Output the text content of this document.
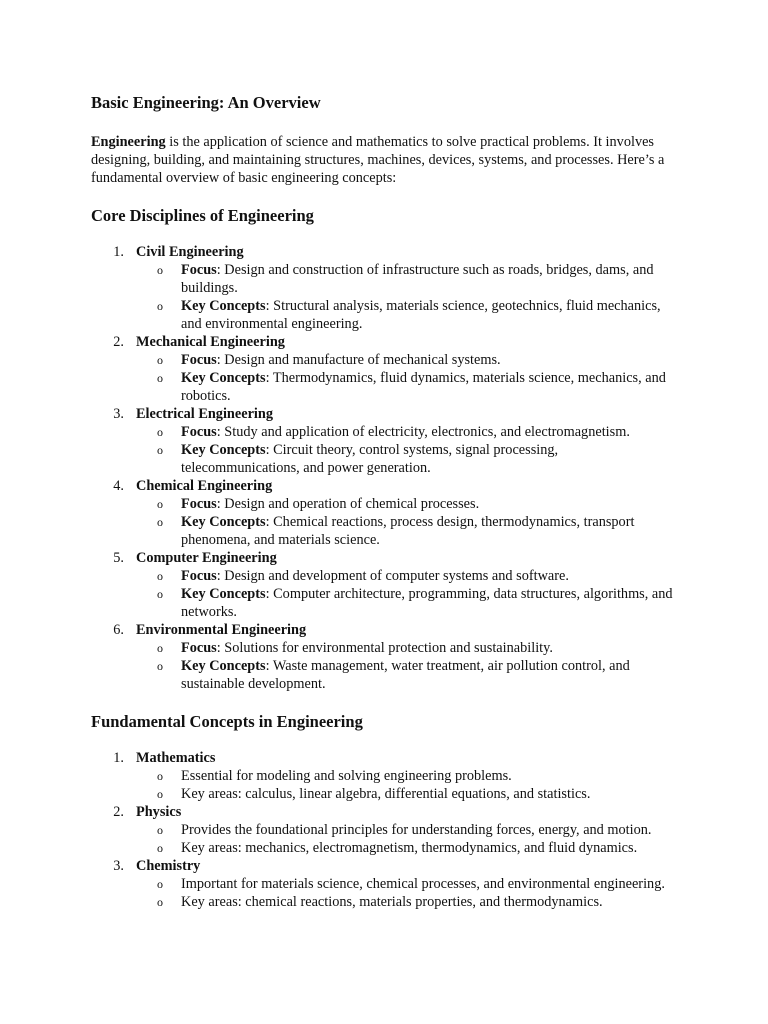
Basic Engineering: An Overview

Engineering is the application of science and mathematics to solve practical problems. It involves designing, building, and maintaining structures, machines, devices, systems, and processes. Here’s a fundamental overview of basic engineering concepts:

Core Disciplines of Engineering
1. Civil Engineering
o Focus: Design and construction of infrastructure such as roads, bridges, dams, and buildings.
o Key Concepts: Structural analysis, materials science, geotechnics, fluid mechanics, and environmental engineering.
2. Mechanical Engineering
o Focus: Design and manufacture of mechanical systems.
o Key Concepts: Thermodynamics, fluid dynamics, materials science, mechanics, and robotics.
3. Electrical Engineering
o Focus: Study and application of electricity, electronics, and electromagnetism.
o Key Concepts: Circuit theory, control systems, signal processing, telecommunications, and power generation.
4. Chemical Engineering
o Focus: Design and operation of chemical processes.
o Key Concepts: Chemical reactions, process design, thermodynamics, transport phenomena, and materials science.
5. Computer Engineering
o Focus: Design and development of computer systems and software.
o Key Concepts: Computer architecture, programming, data structures, algorithms, and networks.
6. Environmental Engineering
o Focus: Solutions for environmental protection and sustainability.
o Key Concepts: Waste management, water treatment, air pollution control, and sustainable development.
Fundamental Concepts in Engineering
1. Mathematics
o Essential for modeling and solving engineering problems.
o Key areas: calculus, linear algebra, differential equations, and statistics.
2. Physics
o Provides the foundational principles for understanding forces, energy, and motion.
o Key areas: mechanics, electromagnetism, thermodynamics, and fluid dynamics.
3. Chemistry
o Important for materials science, chemical processes, and environmental engineering.
o Key areas: chemical reactions, materials properties, and thermodynamics.
